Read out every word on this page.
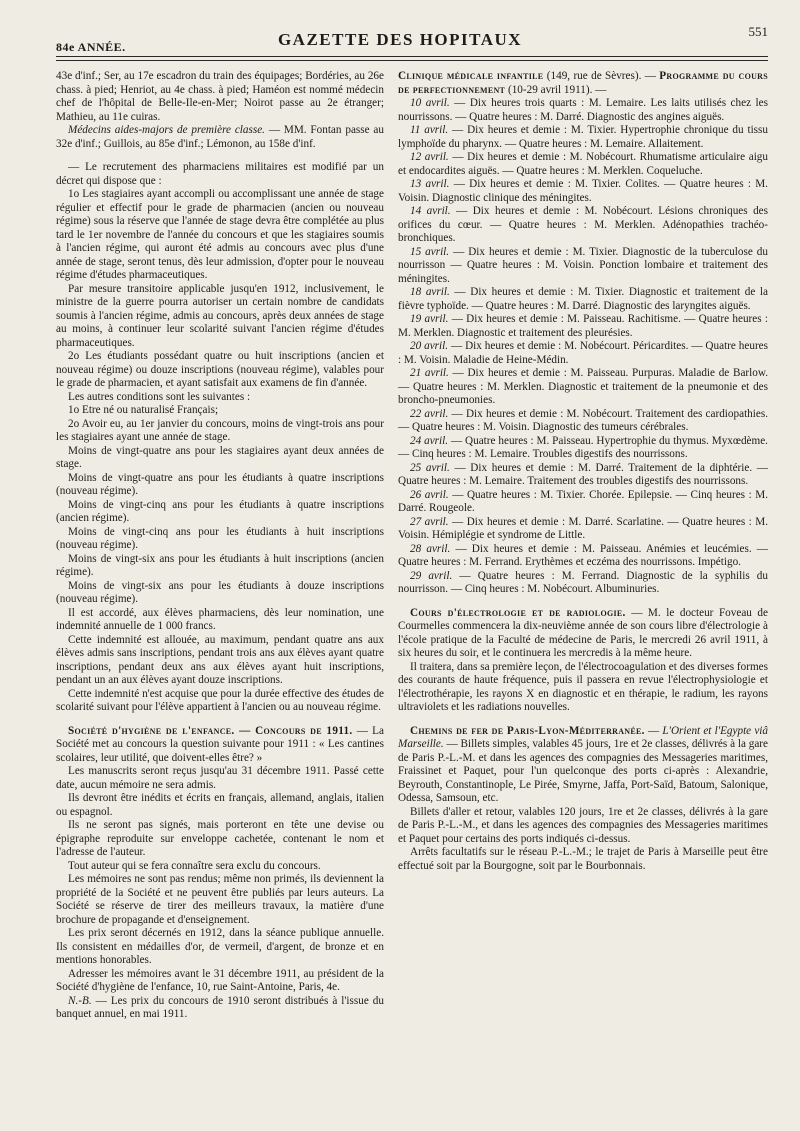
84e ANNÉE.	GAZETTE DES HOPITAUX	551

43e d'inf.; Ser, au 17e escadron du train des équipages; Bordéries, au 26e chass. à pied; Henriot, au 4e chass. à pied; Haméon est nommé médecin chef de l'hôpital de Belle-Ile-en-Mer; Noirot passe au 2e étranger; Mathieu, au 11e cuiras.

Médecins aides-majors de première classe. — MM. Fontan passe au 32e d'inf.; Guillois, au 85e d'inf.; Lémonon, au 158e d'inf.

— Le recrutement des pharmaciens militaires est modifié par un décret qui dispose que :

1o Les stagiaires ayant accompli ou accomplissant une année de stage régulier et effectif pour le grade de pharmacien (ancien ou nouveau régime) sous la réserve que l'année de stage devra être complétée au plus tard le 1er novembre de l'année du concours et que les stagiaires soumis à l'ancien régime, qui auront été admis au concours avec plus d'une année de stage, seront tenus, dès leur admission, d'opter pour le nouveau régime d'études pharmaceutiques.

Par mesure transitoire applicable jusqu'en 1912, inclusivement, le ministre de la guerre pourra autoriser un certain nombre de candidats soumis à l'ancien régime, admis au concours, après deux années de stage au moins, à continuer leur scolarité suivant l'ancien régime d'études pharmaceutiques.

2o Les étudiants possédant quatre ou huit inscriptions (ancien et nouveau régime) ou douze inscriptions (nouveau régime), valables pour le grade de pharmacien, et ayant satisfait aux examens de fin d'année.

Les autres conditions sont les suivantes :

1o Etre né ou naturalisé Français;

2o Avoir eu, au 1er janvier du concours, moins de vingt-trois ans pour les stagiaires ayant une année de stage.

Moins de vingt-quatre ans pour les stagiaires ayant deux années de stage.

Moins de vingt-quatre ans pour les étudiants à quatre inscriptions (nouveau régime).

Moins de vingt-cinq ans pour les étudiants à quatre inscriptions (ancien régime).

Moins de vingt-cinq ans pour les étudiants à huit inscriptions (nouveau régime).

Moins de vingt-six ans pour les étudiants à huit inscriptions (ancien régime).

Moins de vingt-six ans pour les étudiants à douze inscriptions (nouveau régime).

Il est accordé, aux élèves pharmaciens, dès leur nomination, une indemnité annuelle de 1 000 francs.

Cette indemnité est allouée, au maximum, pendant quatre ans aux élèves admis sans inscriptions, pendant trois ans aux élèves ayant quatre inscriptions, pendant deux ans aux élèves ayant huit inscriptions, pendant un an aux élèves ayant douze inscriptions.

Cette indemnité n'est acquise que pour la durée effective des études de scolarité suivant pour l'élève appartient à l'ancien ou au nouveau régime.

Société d'hygiène de l'enfance. — Concours de 1911. — La Société met au concours la question suivante pour 1911 : « Les cantines scolaires, leur utilité, que doivent-elles être? »

Les manuscrits seront reçus jusqu'au 31 décembre 1911. Passé cette date, aucun mémoire ne sera admis.

Ils devront être inédits et écrits en français, allemand, anglais, italien ou espagnol.

Ils ne seront pas signés, mais porteront en tête une devise ou épigraphe reproduite sur enveloppe cachetée, contenant le nom et l'adresse de l'auteur.

Tout auteur qui se fera connaître sera exclu du concours.

Les mémoires ne sont pas rendus; même non primés, ils deviennent la propriété de la Société et ne peuvent être publiés par leurs auteurs. La Société se réserve de tirer des meilleurs travaux, la matière d'une brochure de propagande et d'enseignement.

Les prix seront décernés en 1912, dans la séance publique annuelle. Ils consistent en médailles d'or, de vermeil, d'argent, de bronze et en mentions honorables.

Adresser les mémoires avant le 31 décembre 1911, au président de la Société d'hygiène de l'enfance, 10, rue Saint-Antoine, Paris, 4e.

N.-B. — Les prix du concours de 1910 seront distribués à l'issue du banquet annuel, en mai 1911.

Clinique médicale infantile (149, rue de Sèvres). — Programme du cours de perfectionnement (10-29 avril 1911). —

10 avril. — Dix heures trois quarts : M. Lemaire. Les laits utilisés chez les nourrissons. — Quatre heures : M. Darré. Diagnostic des angines aiguës.

11 avril. — Dix heures et demie : M. Tixier. Hypertrophie chronique du tissu lymphoïde du pharynx. — Quatre heures : M. Lemaire. Allaitement.

12 avril. — Dix heures et demie : M. Nobécourt. Rhumatisme articulaire aigu et endocardites aiguës. — Quatre heures : M. Merklen. Coqueluche.

13 avril. — Dix heures et demie : M. Tixier. Colites. — Quatre heures : M. Voisin. Diagnostic clinique des méningites.

14 avril. — Dix heures et demie : M. Nobécourt. Lésions chroniques des orifices du cœur. — Quatre heures : M. Merklen. Adénopathies trachéo-bronchiques.

15 avril. — Dix heures et demie : M. Tixier. Diagnostic de la tuberculose du nourrisson — Quatre heures : M. Voisin. Ponction lombaire et traitement des méningites.

18 avril. — Dix heures et demie : M. Tixier. Diagnostic et traitement de la fièvre typhoïde. — Quatre heures : M. Darré. Diagnostic des laryngites aiguës.

19 avril. — Dix heures et demie : M. Paisseau. Rachitisme. — Quatre heures : M. Merklen. Diagnostic et traitement des pleurésies.

20 avril. — Dix heures et demie : M. Nobécourt. Péricardites. — Quatre heures : M. Voisin. Maladie de Heine-Médin.

21 avril. — Dix heures et demie : M. Paisseau. Purpuras. Maladie de Barlow. — Quatre heures : M. Merklen. Diagnostic et traitement de la pneumonie et des broncho-pneumonies.

22 avril. — Dix heures et demie : M. Nobécourt. Traitement des cardiopathies. — Quatre heures : M. Voisin. Diagnostic des tumeurs cérébrales.

24 avril. — Quatre heures : M. Paisseau. Hypertrophie du thymus. Myxœdème. — Cinq heures : M. Lemaire. Troubles digestifs des nourrissons.

25 avril. — Dix heures et demie : M. Darré. Traitement de la diphtérie. — Quatre heures : M. Lemaire. Traitement des troubles digestifs des nourrissons.

26 avril. — Quatre heures : M. Tixier. Chorée. Epilepsie. — Cinq heures : M. Darré. Rougeole.

27 avril. — Dix heures et demie : M. Darré. Scarlatine. — Quatre heures : M. Voisin. Hémiplégie et syndrome de Little.

28 avril. — Dix heures et demie : M. Paisseau. Anémies et leucémies. — Quatre heures : M. Ferrand. Erythèmes et eczéma des nourrissons. Impétigo.

29 avril. — Quatre heures : M. Ferrand. Diagnostic de la syphilis du nourrisson. — Cinq heures : M. Nobécourt. Albuminuries.

Cours d'électrologie et de radiologie. — M. le docteur Foveau de Courmelles commencera la dix-neuvième année de son cours libre d'électrologie à l'école pratique de la Faculté de médecine de Paris, le mercredi 26 avril 1911, à six heures du soir, et le continuera les mercredis à la même heure.

Il traitera, dans sa première leçon, de l'électrocoagulation et des diverses formes des courants de haute fréquence, puis il passera en revue l'électrophysiologie et l'électrothérapie, les rayons X en diagnostic et en thérapie, le radium, les rayons ultraviolets et les radiations nouvelles.

Chemins de fer de Paris-Lyon-Méditerranée. — L'Orient et l'Egypte viâ Marseille. — Billets simples, valables 45 jours, 1re et 2e classes, délivrés à la gare de Paris P.-L.-M. et dans les agences des compagnies des Messageries maritimes, Fraissinet et Paquet, pour l'un quelconque des ports ci-après : Alexandrie, Beyrouth, Constantinople, Le Pirée, Smyrne, Jaffa, Port-Saïd, Batoum, Salonique, Odessa, Samsoun, etc.

Billets d'aller et retour, valables 120 jours, 1re et 2e classes, délivrés à la gare de Paris P.-L.-M., et dans les agences des compagnies des Messageries maritimes et Paquet pour certains des ports indiqués ci-dessus.

Arrêts facultatifs sur le réseau P.-L.-M.; le trajet de Paris à Marseille peut être effectué soit par la Bourgogne, soit par le Bourbonnais.
